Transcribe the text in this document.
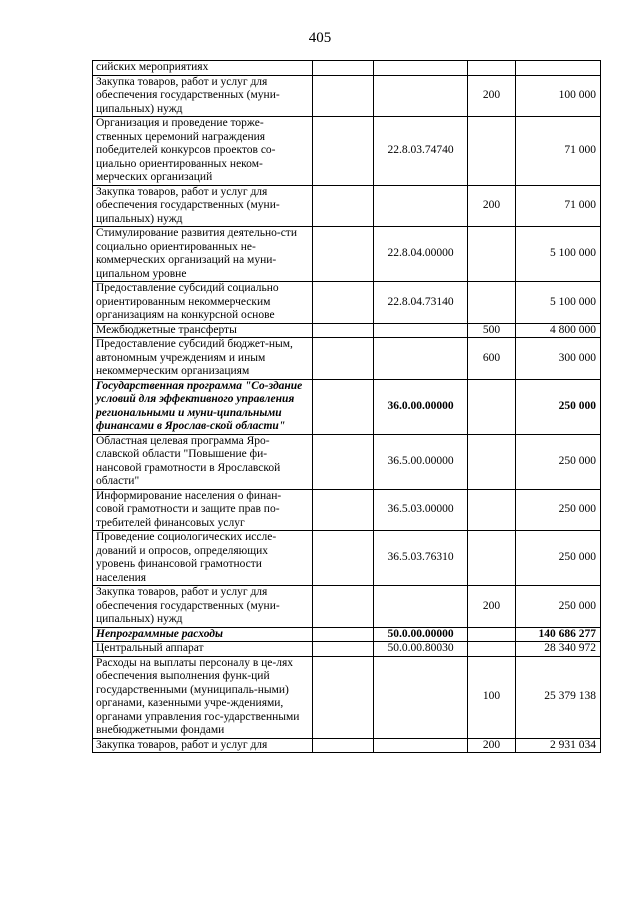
405
сийских мероприятиях				
Закупка товаров, работ и услуг для обеспечения государственных (муни-ципальных) нужд			200	100 000
Организация и проведение торже-ственных церемоний награждения победителей конкурсов проектов со-циально ориентированных неком-мерческих организаций		22.8.03.74740		71 000
Закупка товаров, работ и услуг для обеспечения государственных (муни-ципальных) нужд			200	71 000
Стимулирование развития деятельно-сти социально ориентированных не-коммерческих организаций на муни-ципальном уровне		22.8.04.00000		5 100 000
Предоставление субсидий социально ориентированным некоммерческим организациям на конкурсной основе		22.8.04.73140		5 100 000
Межбюджетные трансферты			500	4 800 000
Предоставление субсидий бюджет-ным, автономным учреждениям и иным некоммерческим организациям			600	300 000
Государственная программа "Со-здание условий для эффективного управления региональными и муни-ципальными финансами в Ярослав-ской области"		36.0.00.00000		250 000
Областная целевая программа Яро-славской области "Повышение фи-нансовой грамотности в Ярославской области"		36.5.00.00000		250 000
Информирование населения о финан-совой грамотности и защите прав по-требителей финансовых услуг		36.5.03.00000		250 000
Проведение социологических иссле-дований и опросов, определяющих уровень финансовой грамотности населения		36.5.03.76310		250 000
Закупка товаров, работ и услуг для обеспечения государственных (муни-ципальных) нужд			200	250 000
Непрограммные расходы		50.0.00.00000		140 686 277
Центральный аппарат		50.0.00.80030		28 340 972
Расходы на выплаты персоналу в це-лях обеспечения выполнения функ-ций государственными (муниципаль-ными) органами, казенными учре-ждениями, органами управления гос-ударственными внебюджетными фондами			100	25 379 138
Закупка товаров, работ и услуг для			200	2 931 034
